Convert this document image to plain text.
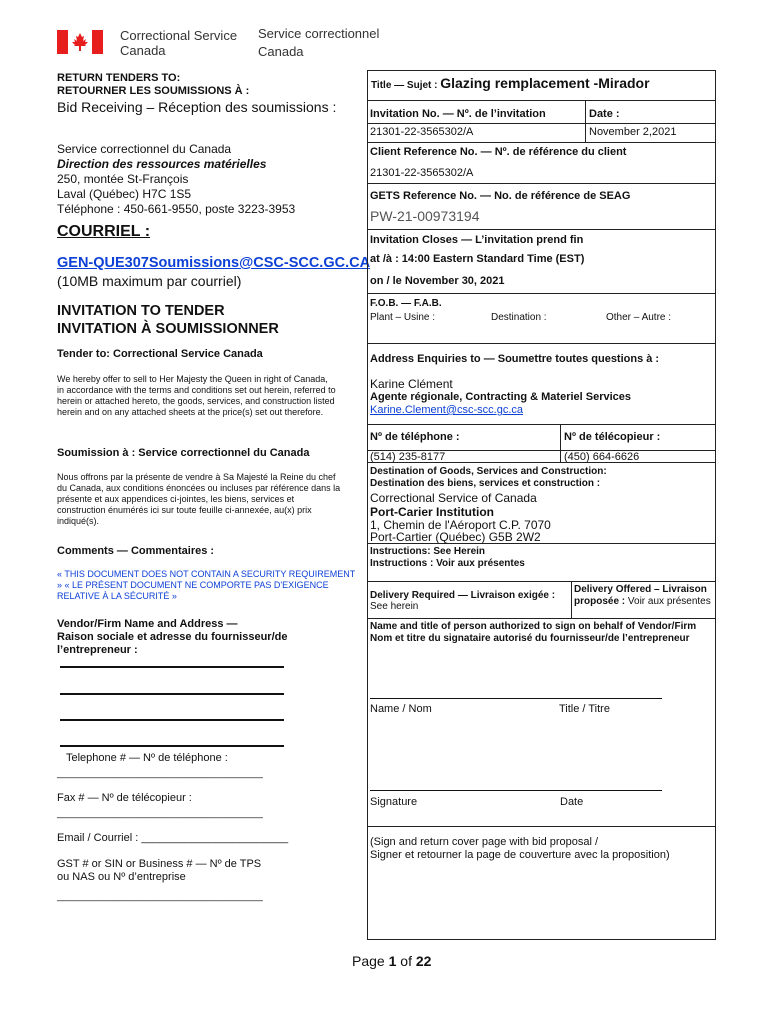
Correctional Service
Canada
Service correctionnel
Canada
RETURN TENDERS TO:
RETOURNER LES SOUMISSIONS À :
Bid Receiving – Réception des soumissions :
Service correctionnel du Canada
Direction des ressources matérielles
250, montée St-François
Laval (Québec) H7C 1S5
Téléphone : 450-661-9550, poste 3223-3953
COURRIEL :
GEN-QUE307Soumissions@CSC-SCC.GC.CA
(10MB maximum par courriel)
INVITATION TO TENDER
INVITATION À SOUMISSIONNER
Tender to: Correctional Service Canada
We hereby offer to sell to Her Majesty the Queen in right of Canada, in accordance with the terms and conditions set out herein, referred to herein or attached hereto, the goods, services, and construction listed herein and on any attached sheets at the price(s) set out therefore.
Soumission à : Service correctionnel du Canada
Nous offrons par la présente de vendre à Sa Majesté la Reine du chef du Canada, aux conditions énoncées ou incluses par référence dans la présente et aux appendices ci-jointes, les biens, services et construction énumérés ici sur toute feuille ci-annexée, au(x) prix indiqué(s).
Comments — Commentaires :
« THIS DOCUMENT DOES NOT CONTAIN A SECURITY REQUIREMENT » « LE PRÉSENT DOCUMENT NE COMPORTE PAS D'EXIGENCE RELATIVE À LA SÉCURITÉ »
Vendor/Firm Name and Address —
Raison sociale et adresse du fournisseur/de l’entrepreneur :
Telephone # — Nº de téléphone :
_____________________________________
Fax # — Nº de télécopieur :
_____________________________________
Email / Courriel : ________________________
GST # or SIN or Business # — Nº de TPS
ou NAS ou Nº d’entreprise
_____________________________________
Title — Sujet : Glazing remplacement -Mirador
Invitation No. — Nº. de l’invitation	Date :
21301-22-3565302/A	November 2,2021
Client Reference No. — Nº. de référence du client
21301-22-3565302/A
GETS Reference No. — No. de référence de SEAG
PW-21-00973194
Invitation Closes — L’invitation prend fin
at /à : 14:00 Eastern Standard Time (EST)
on / le November 30, 2021
F.O.B. — F.A.B.
Plant – Usine :	Destination :	Other – Autre :
Address Enquiries to — Soumettre toutes questions à :
Karine Clément
Agente régionale, Contracting & Materiel Services
Karine.Clement@csc-scc.gc.ca
Nº de téléphone :	Nº de télécopieur :
(514) 235-8177	(450) 664-6626
Destination of Goods, Services and Construction:
Destination des biens, services et construction :
Correctional Service of Canada
Port-Carier Institution
1, Chemin de l'Aéroport C.P. 7070
Port-Cartier (Québec) G5B 2W2
Instructions: See Herein
Instructions : Voir aux présentes
Delivery Required — Livraison exigée :
See herein
Delivery Offered – Livraison proposée : Voir aux présentes
Name and title of person authorized to sign on behalf of Vendor/Firm
Nom et titre du signataire autorisé du fournisseur/de l’entrepreneur
Name / Nom	Title / Titre
Signature	Date
(Sign and return cover page with bid proposal /
Signer et retourner la page de couverture avec la proposition)
Page 1 of 22
